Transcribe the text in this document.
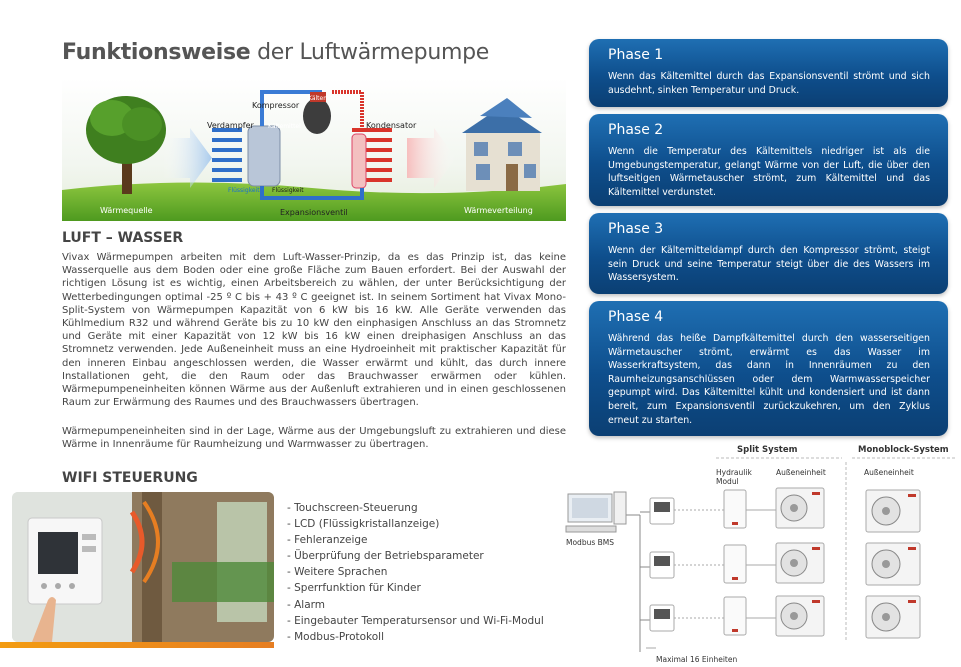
Funktionsweise der Luftwärmepumpe
Kompressor
Kältemittel
Verdampfer Kältemittel	Kondensator
Flüssigkeit Flüssigkeit
Wärmequelle	Expansionsventil	Wärmeverteilung
LUFT – WASSER
Vivax Wärmepumpen arbeiten mit dem Luft-Wasser-Prinzip, da es das Prinzip ist, das keine Wasserquelle aus dem Boden oder eine große Fläche zum Bauen erfordert. Bei der Auswahl der richtigen Lösung ist es wichtig, einen Arbeitsbereich zu wählen, der unter Berücksichtigung der Wetterbedingungen optimal -25 º C bis + 43 º C geeignet ist. In seinem Sortiment hat Vivax Mono-Split-System von Wärmepumpen Kapazität von 6 kW bis 16 kW. Alle Geräte verwenden das Kühlmedium R32 und während Geräte bis zu 10 kW den einphasigen Anschluss an das Stromnetz und Geräte mit einer Kapazität von 12 kW bis 16 kW einen dreiphasigen Anschluss an das Stromnetz verwenden. Jede Außeneinheit muss an eine Hydroeinheit mit praktischer Kapazität für den inneren Einbau angeschlossen werden, die Wasser erwärmt und kühlt, das durch innere Installationen geht, die den Raum oder das Brauchwasser erwärmen oder kühlen. Wärmepumpeneinheiten können Wärme aus der Außenluft extrahieren und in einen geschlossenen Raum zur Erwärmung des Raumes und des Brauchwassers übertragen.
Wärmepumpeneinheiten sind in der Lage, Wärme aus der Umgebungsluft zu extrahieren und diese Wärme in Innenräume für Raumheizung und Warmwasser zu übertragen.
WIFI STEUERUNG
- Touchscreen-Steuerung
- LCD (Flüssigkristallanzeige)
- Fehleranzeige
- Überprüfung der Betriebsparameter
- Weitere Sprachen
- Sperrfunktion für Kinder
- Alarm
- Eingebauter Temperatursensor und Wi-Fi-Modul
- Modbus-Protokoll
Phase 1

Wenn das Kältemittel durch das Expansionsventil strömt und sich ausdehnt, sinken Temperatur und Druck.

Phase 2

Wenn die Temperatur des Kältemittels niedriger ist als die Umgebungstemperatur, gelangt Wärme von der Luft, die über den luftseitigen Wärmetauscher strömt, zum Kältemittel und das Kältemittel verdunstet.

Phase 3

Wenn der Kältemitteldampf durch den Kompressor strömt, steigt sein Druck und seine Temperatur steigt über die des Wassers im Wassersystem.

Phase 4

Während das heiße Dampfkältemittel durch den wasserseitigen Wärmetauscher strömt, erwärmt es das Wasser im Wasserkraftsystem, das dann in Innenräumen zu den Raumheizungsanschlüssen oder dem Warmwasserspeicher gepumpt wird. Das Kältemittel kühlt und kondensiert und ist dann bereit, zum Expansionsventil zurückzukehren, um den Zyklus erneut zu starten.

Split System	Monoblock-System
Hydraulik
Modul
Außeneinheit	Außeneinheit
Modbus BMS
Maximal 16 Einheiten
